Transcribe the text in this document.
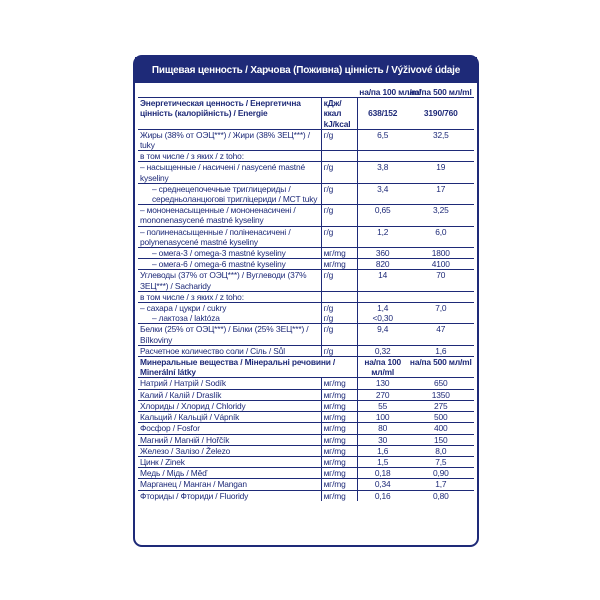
Пищевая ценность / Харчова (Поживна) цінність / Výživové údaje
		на/па 100 мл/ml	на/па 500 мл/ml
Энергетическая ценность / Енергетична цінність (калорійність) / Energie	кДж/ккал kJ/kcal	638/152	3190/760
Жиры (38% от ОЭЦ***) / Жири (38% ЗЕЦ***) / tuky	г/g	6,5	32,5
в том числе / з яких / z toho:			
– насыщенные / насичені / nasycené mastné kyseliny	г/g	3,8	19
– среднецепочечные триглицериды / середньоланцюгові тригліцериди / MCT tuky	г/g	3,4	17
– мононенасыщенные / мононенасичені / mononenasycené mastné kyseliny	г/g	0,65	3,25
– полиненасыщенные / поліненасичені / polynenasycené mastné kyseliny	г/g	1,2	6,0
– омега-3 / omega-3 mastné kyseliny	мг/mg	360	1800
– омега-6 / omega-6 mastné kyseliny	мг/mg	820	4100
Углеводы (37% от ОЭЦ***) / Вуглеводи (37% ЗЕЦ***) / Sacharidy	г/g	14	70
в том числе / з яких / z toho:			
– сахара / цукри / cukry	г/g	1,4	7,0
– лактоза / laktóza	г/g	<0,30	
Белки (25% от ОЭЦ***) / Білки (25% ЗЕЦ***) / Bílkoviny	г/g	9,4	47
Расчетное количество соли / Сіль / Sůl	г/g	0,32	1,6
Минеральные вещества / Мінеральні речовини / Minerální látky		на/па 100 мл/ml	на/па 500 мл/ml
Натрий / Натрій / Sodík	мг/mg	130	650
Калий / Калій / Draslík	мг/mg	270	1350
Хлориды / Хлорид / Chloridy	мг/mg	55	275
Кальций / Кальцій / Vápník	мг/mg	100	500
Фосфор / Fosfor	мг/mg	80	400
Магний / Магній / Hořčík	мг/mg	30	150
Железо / Залізо / Železo	мг/mg	1,6	8,0
Цинк / Zinek	мг/mg	1,5	7,5
Медь / Мідь / Měď	мг/mg	0,18	0,90
Марганец / Манган / Mangan	мг/mg	0,34	1,7
Фториды / Фториди / Fluoridy	мг/mg	0,16	0,80
